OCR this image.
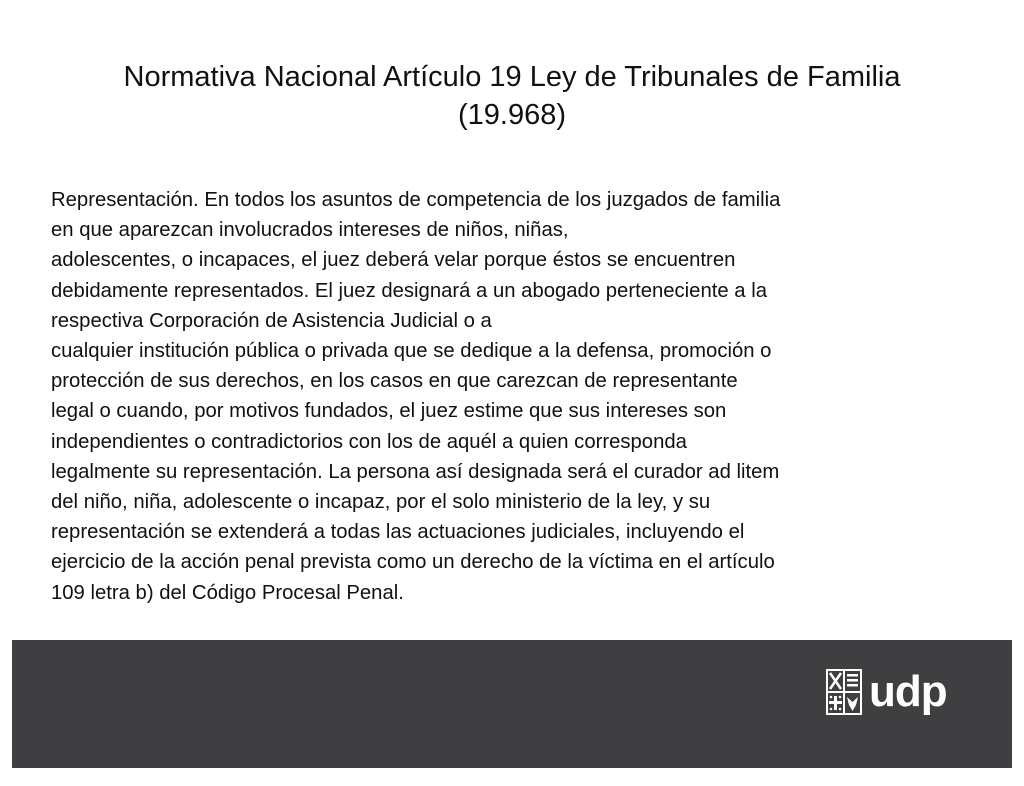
Normativa Nacional Artículo 19 Ley de Tribunales de Familia
(19.968)
Representación. En todos los asuntos de competencia de los juzgados de familia
en que aparezcan involucrados intereses de niños, niñas,
adolescentes, o incapaces, el juez deberá velar porque éstos se encuentren
debidamente representados. El juez designará a un abogado perteneciente a la
respectiva Corporación de Asistencia Judicial o a
cualquier institución pública o privada que se dedique a la defensa, promoción o
protección de sus derechos, en los casos en que carezcan de representante
legal o cuando, por motivos fundados, el juez estime que sus intereses son
independientes o contradictorios con los de aquél a quien corresponda
legalmente su representación. La persona así designada será el curador ad litem
del niño, niña, adolescente o incapaz, por el solo ministerio de la ley, y su
representación se extenderá a todas las actuaciones judiciales, incluyendo el
ejercicio de la acción penal prevista como un derecho de la víctima en el artículo
109 letra b) del Código Procesal Penal.
udp
